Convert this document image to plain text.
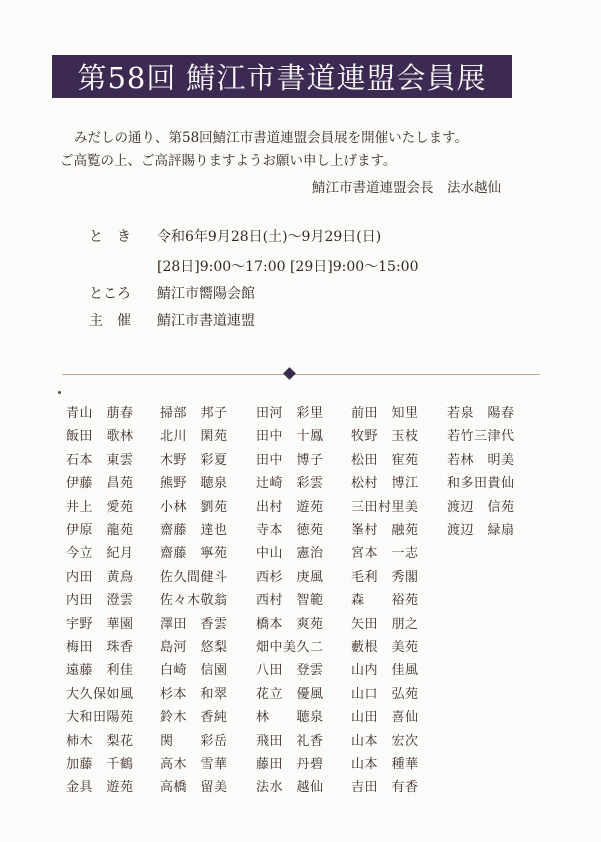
第58回 鯖江市書道連盟会員展
みだしの通り、第58回鯖江市書道連盟会員展を開催いたします。
ご高覧の上、ご高評賜りますようお願い申し上げます。
鯖江市書道連盟会長　法水越仙
と　き 令和6年9月28日(土)～9月29日(日)
[28日]9:00～17:00 [29日]9:00～15:00
ところ 鯖江市嚮陽会館
主　催 鯖江市書道連盟
青山　萠春
飯田　歌林
石本　東雲
伊藤　昌苑
井上　愛苑
伊原　龍苑
今立　紀月
内田　黄鳥
内田　澄雲
宇野　華園
梅田　珠香
遠藤　利佳
大久保如風
大和田陽苑
柿木　梨花
加藤　千鶴
金具　遊苑
掃部　邦子
北川　閑苑
木野　彩夏
熊野　聴泉
小林　劉苑
齋藤　達也
齋藤　寧苑
佐久間健斗
佐々木敬翁
澤田　香雲
島河　悠梨
白崎　信園
杉本　和翠
鈴木　香純
関　　彩岳
高木　雪華
高橋　留美
田河　彩里
田中　十鳳
田中　博子
辻崎　彩雲
出村　遊苑
寺本　徳苑
中山　憲治
西杉　庚風
西村　智範
橋本　爽苑
畑中美久二
八田　登雲
花立　優風
林　　聴泉
飛田　礼香
藤田　丹碧
法水　越仙
前田　知里
牧野　玉枝
松田　寉苑
松村　博江
三田村里美
峯村　融苑
宮本　一志
毛利　秀閣
森　　裕苑
矢田　朋之
藪根　美苑
山内　佳風
山口　弘苑
山田　喜仙
山本　宏次
山本　種華
吉田　有香
若泉　陽春
若竹三津代
若林　明美
和多田貴仙
渡辺　信苑
渡辺　緑扇
